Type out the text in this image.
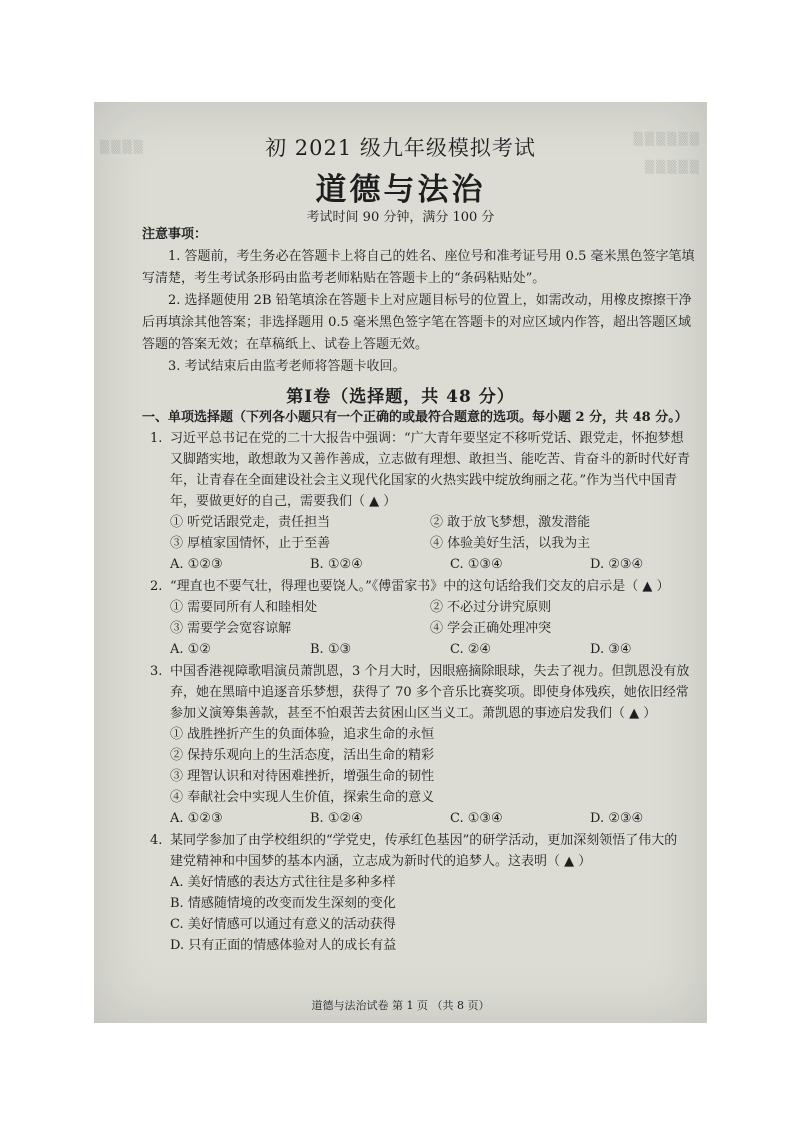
▒▒▒▒▒▒
▒▒▒▒▒
▒▒▒▒	初 2021 级九年级模拟考试
道德与法治
考试时间 90 分钟，满分 100 分
注意事项：

1. 答题前，考生务必在答题卡上将自己的姓名、座位号和准考证号用 0.5 毫米黑色签字笔填写清楚，考生考试条形码由监考老师粘贴在答题卡上的“条码粘贴处”。

2. 选择题使用 2B 铅笔填涂在答题卡上对应题目标号的位置上，如需改动，用橡皮擦擦干净后再填涂其他答案；非选择题用 0.5 毫米黑色签字笔在答题卡的对应区域内作答，超出答题区域答题的答案无效；在草稿纸上、试卷上答题无效。

3. 考试结束后由监考老师将答题卡收回。

第Ⅰ卷（选择题，共 48 分）
一、单项选择题（下列各小题只有一个正确的或最符合题意的选项。每小题 2 分，共 48 分。）
1. 习近平总书记在党的二十大报告中强调：“广大青年要坚定不移听党话、跟党走，怀抱梦想又脚踏实地，敢想敢为又善作善成，立志做有理想、敢担当、能吃苦、肯奋斗的新时代好青年，让青春在全面建设社会主义现代化国家的火热实践中绽放绚丽之花。”作为当代中国青年，要做更好的自己，需要我们（ ▲ ）
① 听党话跟党走，责任担当	② 敢于放飞梦想，激发潜能
③ 厚植家国情怀，止于至善	④ 体验美好生活，以我为主
A. ①②③	B. ①②④	C. ①③④	D. ②③④
2. “理直也不要气壮，得理也要饶人。”《傅雷家书》中的这句话给我们交友的启示是（ ▲ ）
① 需要同所有人和睦相处	② 不必过分讲究原则
③ 需要学会宽容谅解	④ 学会正确处理冲突
A. ①②	B. ①③	C. ②④	D. ③④
3. 中国香港视障歌唱演员萧凯恩，3 个月大时，因眼癌摘除眼球，失去了视力。但凯恩没有放弃，她在黑暗中追逐音乐梦想，获得了 70 多个音乐比赛奖项。即使身体残疾，她依旧经常参加义演筹集善款，甚至不怕艰苦去贫困山区当义工。萧凯恩的事迹启发我们（ ▲ ）
① 战胜挫折产生的负面体验，追求生命的永恒
② 保持乐观向上的生活态度，活出生命的精彩
③ 理智认识和对待困难挫折，增强生命的韧性
④ 奉献社会中实现人生价值，探索生命的意义
A. ①②③	B. ①②④	C. ①③④	D. ②③④
4. 某同学参加了由学校组织的“学党史，传承红色基因”的研学活动，更加深刻领悟了伟大的建党精神和中国梦的基本内涵，立志成为新时代的追梦人。这表明（ ▲ ）
A. 美好情感的表达方式往往是多种多样
B. 情感随情境的改变而发生深刻的变化
C. 美好情感可以通过有意义的活动获得
D. 只有正面的情感体验对人的成长有益
道德与法治试卷 第 1 页 （共 8 页）
